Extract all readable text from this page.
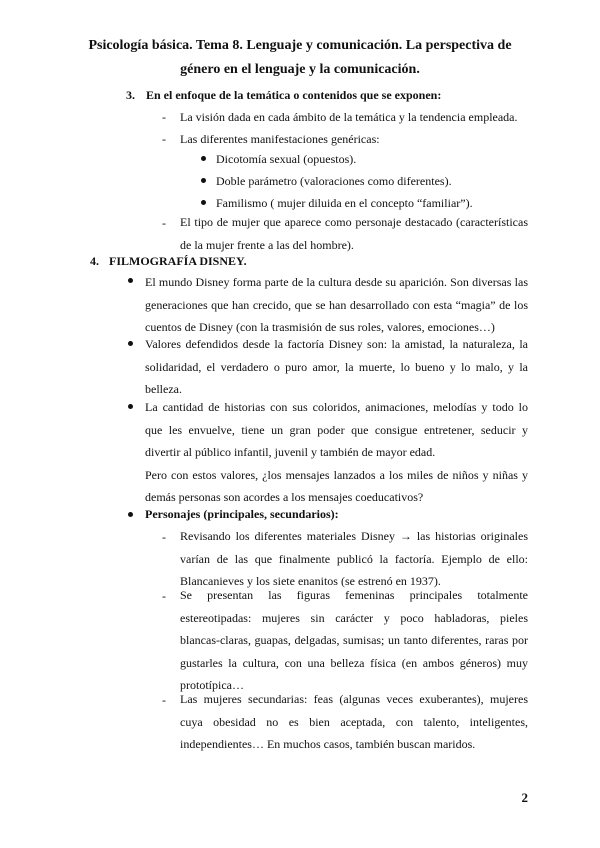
Psicología básica. Tema 8. Lenguaje y comunicación. La perspectiva de
género en el lenguaje y la comunicación.
3. En el enfoque de la temática o contenidos que se exponen:
- La visión dada en cada ámbito de la temática y la tendencia empleada.
- Las diferentes manifestaciones genéricas:
Dicotomía sexual (opuestos).
Doble parámetro (valoraciones como diferentes).
Familismo ( mujer diluida en el concepto “familiar”).
- El tipo de mujer que aparece como personaje destacado (características
de la mujer frente a las del hombre).
4. FILMOGRAFÍA DISNEY.
El mundo Disney forma parte de la cultura desde su aparición. Son diversas las
generaciones que han crecido, que se han desarrollado con esta “magia” de los
cuentos de Disney (con la trasmisión de sus roles, valores, emociones…)
Valores defendidos desde la factoría Disney son: la amistad, la naturaleza, la
solidaridad, el verdadero o puro amor, la muerte, lo bueno y lo malo, y la
belleza.
La cantidad de historias con sus coloridos, animaciones, melodías y todo lo
que les envuelve, tiene un gran poder que consigue entretener, seducir y
divertir al público infantil, juvenil y también de mayor edad.
Pero con estos valores, ¿los mensajes lanzados a los miles de niños y niñas y
demás personas son acordes a los mensajes coeducativos?
Personajes (principales, secundarios):
- Revisando los diferentes materiales Disney → las historias originales
varían de las que finalmente publicó la factoría. Ejemplo de ello:
Blancanieves y los siete enanitos (se estrenó en 1937).
- Se presentan las figuras femeninas principales totalmente
estereotipadas: mujeres sin carácter y poco habladoras, pieles
blancas-claras, guapas, delgadas, sumisas; un tanto diferentes, raras por
gustarles la cultura, con una belleza física (en ambos géneros) muy
prototípica…
- Las mujeres secundarias: feas (algunas veces exuberantes), mujeres
cuya obesidad no es bien aceptada, con talento, inteligentes,
independientes… En muchos casos, también buscan maridos.
2
